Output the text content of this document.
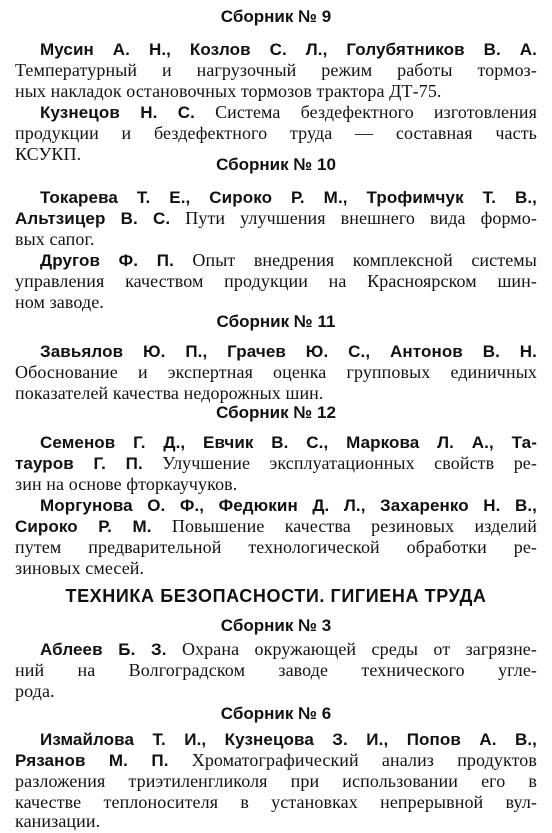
Сборник № 9
Мусин А. Н., Козлов С. Л., Голубятников В. А.
Температурный и нагрузочный режим работы тормоз-
ных накладок остановочных тормозов трактора ДТ-75.
Кузнецов Н. С. Система бездефектного изготовления
продукции и бездефектного труда — составная часть
КСУКП.
Сборник № 10
Токарева Т. Е., Сироко Р. М., Трофимчук Т. В.,
Альтзицер В. С. Пути улучшения внешнего вида формо-
вых сапог.
Другов Ф. П. Опыт внедрения комплексной системы
управления качеством продукции на Красноярском шин-
ном заводе.
Сборник № 11
Завьялов Ю. П., Грачев Ю. С., Антонов В. Н.
Обоснование и экспертная оценка групповых единичных
показателей качества недорожных шин.
Сборник № 12
Семенов Г. Д., Евчик В. С., Маркова Л. А., Та-
тауров Г. П. Улучшение эксплуатационных свойств ре-
зин на основе фторкаучуков.
Моргунова О. Ф., Федюкин Д. Л., Захаренко Н. В.,
Сироко Р. М. Повышение качества резиновых изделий
путем предварительной технологической обработки ре-
зиновых смесей.
ТЕХНИКА БЕЗОПАСНОСТИ. ГИГИЕНА ТРУДА
Сборник № 3
Аблеев Б. З. Охрана окружающей среды от загрязне-
ний на Волгоградском заводе технического угле-
рода.
Сборник № 6
Измайлова Т. И., Кузнецова З. И., Попов А. В.,
Рязанов М. П. Хроматографический анализ продуктов
разложения триэтиленгликоля при использовании его в
качестве теплоносителя в установках непрерывной вул-
канизации.
